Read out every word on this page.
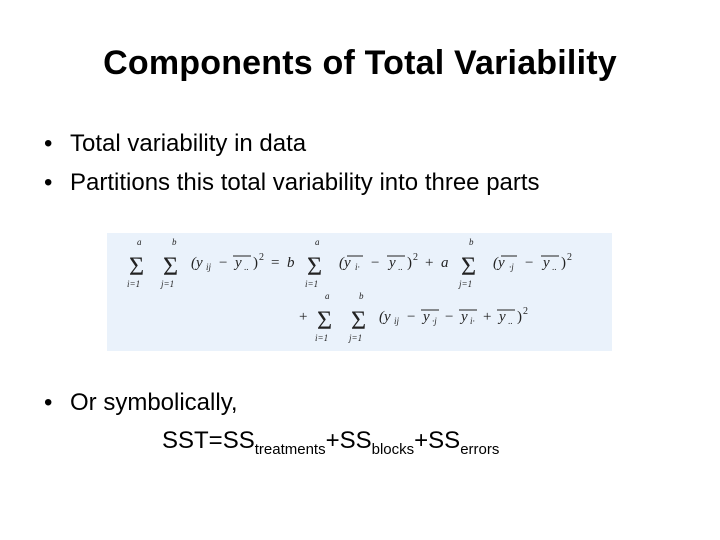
Components of Total Variability
• Total variability in data
• Partitions this total variability into three parts
a
Σ
i=1
b
Σ
j=1
(y ij − y .. ) 2 = b
a
Σ
i=1
(y i· − y .. ) 2 + a
b
Σ
j=1
(y ·j − y .. ) 2
+
a
Σ
i=1
b
Σ
j=1
(y ij − y ·j − y i· + y .. ) 2
• Or symbolically,
$SST=SS_{treatments}+SS_{blocks}+SS_{errors}$
